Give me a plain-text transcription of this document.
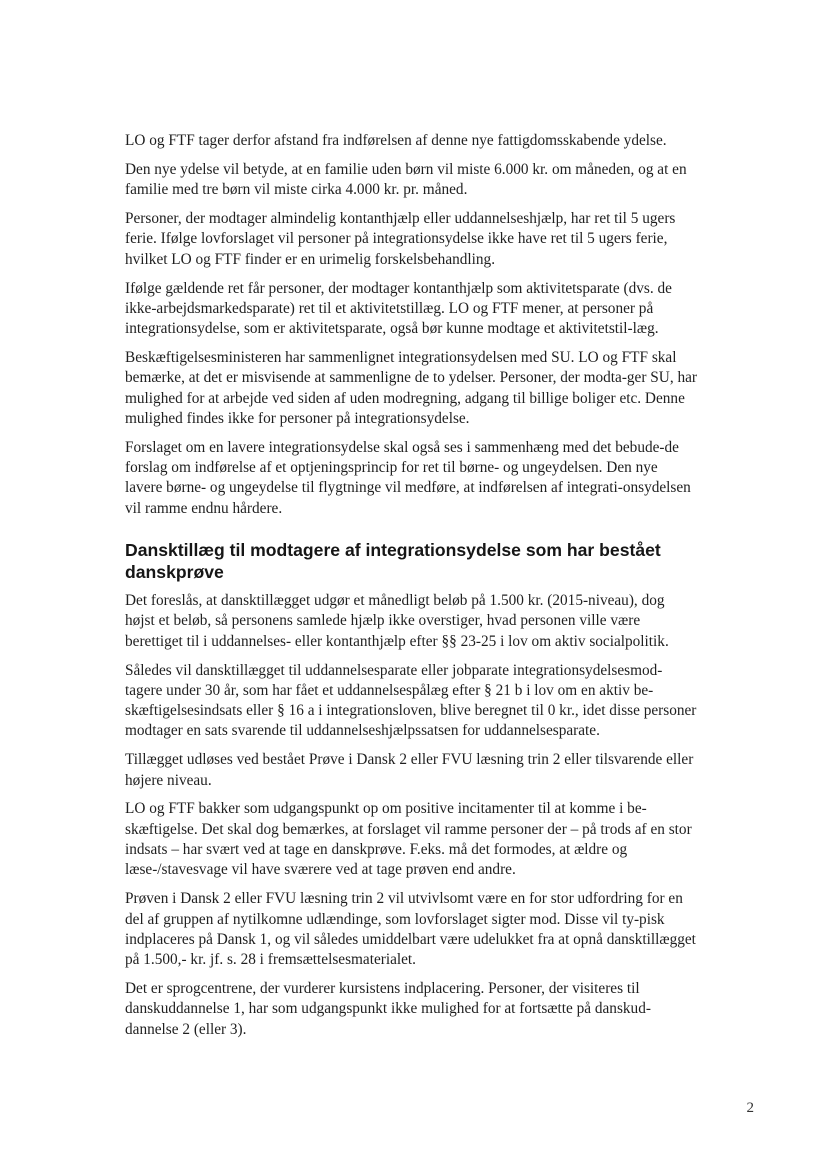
LO og FTF tager derfor afstand fra indførelsen af denne nye fattigdomsskabende ydelse.

Den nye ydelse vil betyde, at en familie uden børn vil miste 6.000 kr. om måneden, og at en familie med tre børn vil miste cirka 4.000 kr. pr. måned.

Personer, der modtager almindelig kontanthjælp eller uddannelseshjælp, har ret til 5 ugers ferie. Ifølge lovforslaget vil personer på integrationsydelse ikke have ret til 5 ugers ferie, hvilket LO og FTF finder er en urimelig forskelsbehandling.

Ifølge gældende ret får personer, der modtager kontanthjælp som aktivitetsparate (dvs. de ikke-arbejdsmarkedsparate) ret til et aktivitetstillæg. LO og FTF mener, at personer på integrationsydelse, som er aktivitetsparate, også bør kunne modtage et aktivitetstil-læg.

Beskæftigelsesministeren har sammenlignet integrationsydelsen med SU. LO og FTF skal bemærke, at det er misvisende at sammenligne de to ydelser. Personer, der modta-ger SU, har mulighed for at arbejde ved siden af uden modregning, adgang til billige boliger etc. Denne mulighed findes ikke for personer på integrationsydelse.

Forslaget om en lavere integrationsydelse skal også ses i sammenhæng med det bebude-de forslag om indførelse af et optjeningsprincip for ret til børne- og ungeydelsen. Den nye lavere børne- og ungeydelse til flygtninge vil medføre, at indførelsen af integrati-onsydelsen vil ramme endnu hårdere.

Dansktillæg til modtagere af integrationsydelse som har bestået danskprøve

Det foreslås, at dansktillægget udgør et månedligt beløb på 1.500 kr. (2015-niveau), dog højst et beløb, så personens samlede hjælp ikke overstiger, hvad personen ville være berettiget til i uddannelses- eller kontanthjælp efter §§ 23-25 i lov om aktiv socialpolitik.

Således vil dansktillægget til uddannelsesparate eller jobparate integrationsydelsesmod-tagere under 30 år, som har fået et uddannelsespålæg efter § 21 b i lov om en aktiv be-skæftigelsesindsats eller § 16 a i integrationsloven, blive beregnet til 0 kr., idet disse personer modtager en sats svarende til uddannelseshjælpssatsen for uddannelsesparate.

Tillægget udløses ved bestået Prøve i Dansk 2 eller FVU læsning trin 2 eller tilsvarende eller højere niveau.

LO og FTF bakker som udgangspunkt op om positive incitamenter til at komme i be-skæftigelse. Det skal dog bemærkes, at forslaget vil ramme personer der – på trods af en stor indsats – har svært ved at tage en danskprøve. F.eks. må det formodes, at ældre og læse-/stavesvage vil have sværere ved at tage prøven end andre.

Prøven i Dansk 2 eller FVU læsning trin 2 vil utvivlsomt være en for stor udfordring for en del af gruppen af nytilkomne udlændinge, som lovforslaget sigter mod. Disse vil ty-pisk indplaceres på Dansk 1, og vil således umiddelbart være udelukket fra at opnå dansktillægget på 1.500,- kr. jf. s. 28 i fremsættelsesmaterialet.

Det er sprogcentrene, der vurderer kursistens indplacering. Personer, der visiteres til danskuddannelse 1, har som udgangspunkt ikke mulighed for at fortsætte på danskud-dannelse 2 (eller 3).

2
